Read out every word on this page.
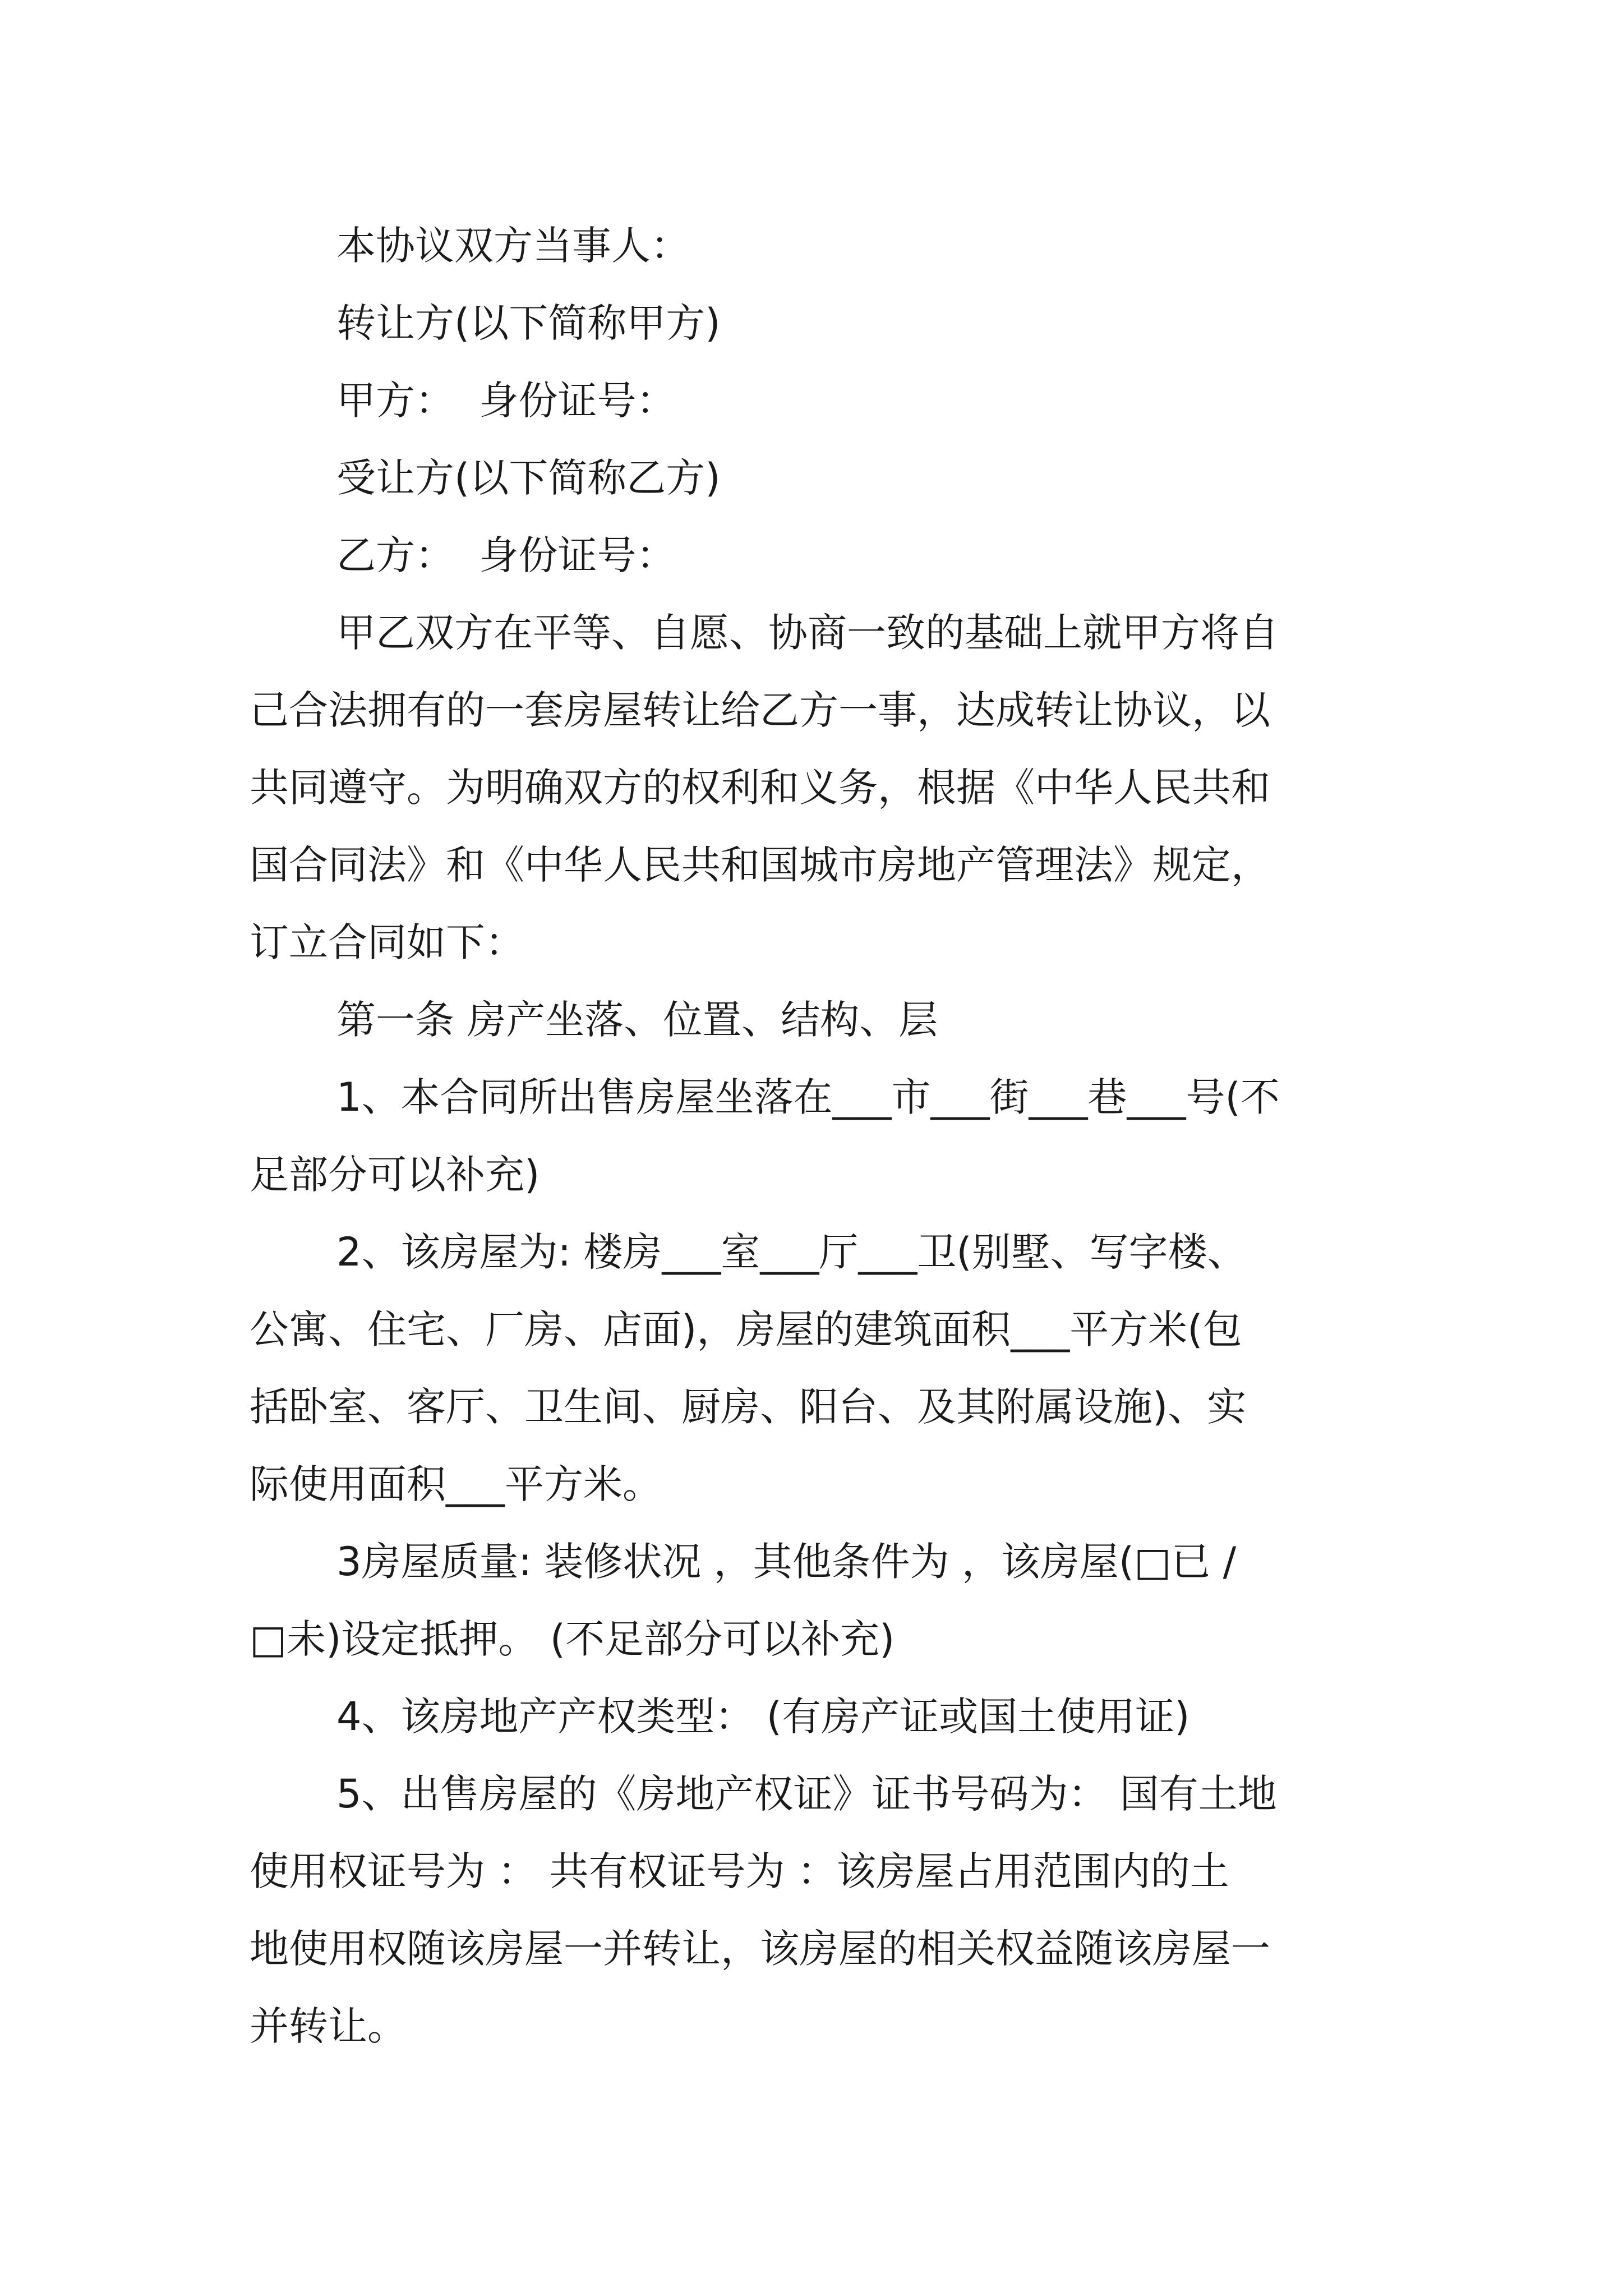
本协议双方当事人：
转让方(以下简称甲方)
甲方：  身份证号：
受让方(以下简称乙方)
乙方：  身份证号：
甲乙双方在平等、自愿、协商一致的基础上就甲方将自
己合法拥有的一套房屋转让给乙方一事，达成转让协议，以
共同遵守。为明确双方的权利和义务，根据《中华人民共和
国合同法》和《中华人民共和国城市房地产管理法》规定，
订立合同如下：
第一条 房产坐落、位置、结构、层
1、本合同所出售房屋坐落在___市___街___巷___号(不
足部分可以补充)
2、该房屋为: 楼房___室___厅___卫(别墅、写字楼、
公寓、住宅、厂房、店面)，房屋的建筑面积___平方米(包
括卧室、客厅、卫生间、厨房、阳台、及其附属设施)、实
际使用面积___平方米。
3房屋质量: 装修状况 ，其他条件为 ，该房屋(□已 /
□未)设定抵押。 (不足部分可以补充)
4、该房地产产权类型： (有房产证或国土使用证)
5、出售房屋的《房地产权证》证书号码为： 国有土地
使用权证号为 ： 共有权证号为 ：该房屋占用范围内的土
地使用权随该房屋一并转让，该房屋的相关权益随该房屋一
并转让。
